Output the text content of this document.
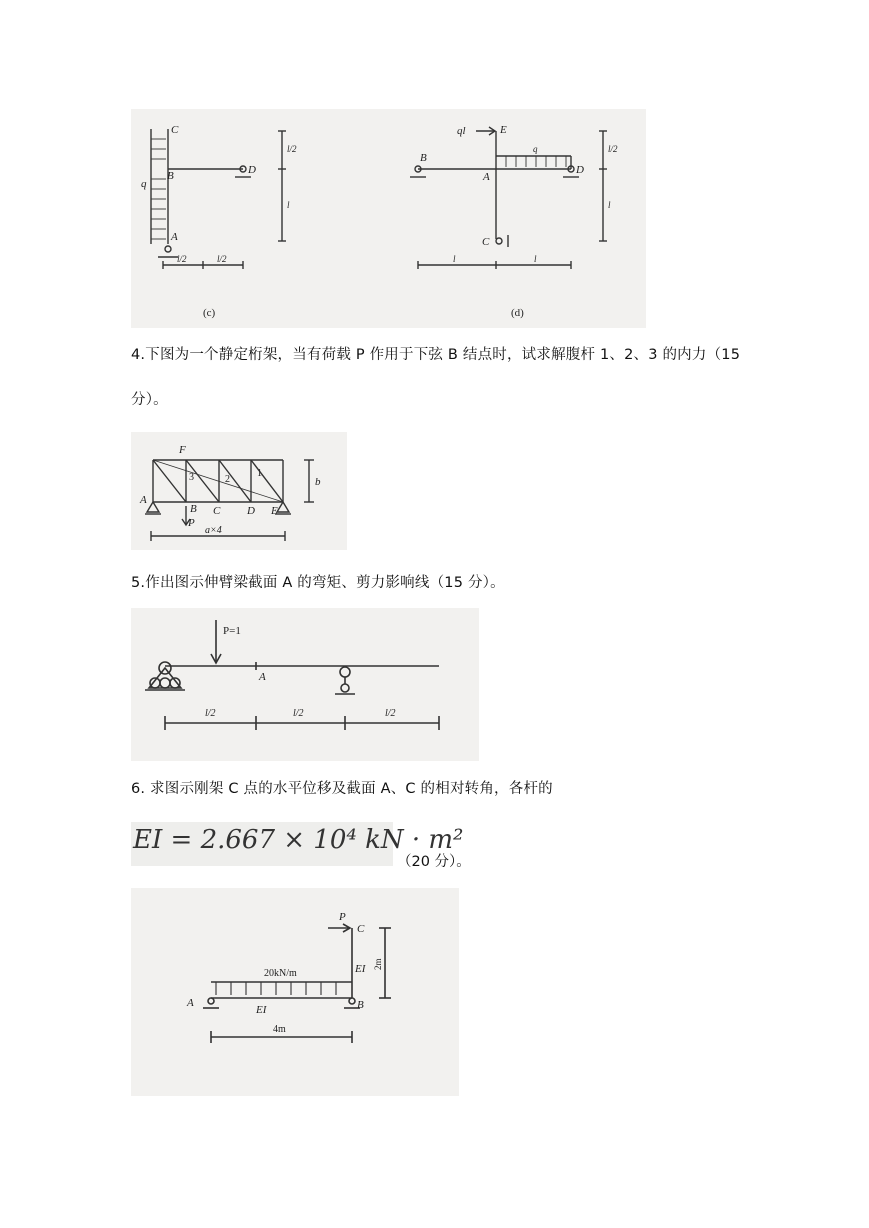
C
B	D
A
q
l/2
l
l/2	l/2
(c)
ql	E
B
A
q
D
C
l/2
l
l	l
(d)
4.下图为一个静定桁架，当有荷载 P 作用于下弦 B 结点时，试求解腹杆 1、2、3 的内力（15
分）。
F
A
B C D E
P
b
1
2
3
a×4
5.作出图示伸臂梁截面 A 的弯矩、剪力影响线（15 分）。
P=1
A
l/2	l/2	l/2
6. 求图示刚架 C 点的水平位移及截面 A、C 的相对转角，各杆的
EI = 2.667 × 10⁴ kN · m²
（20 分）。
P
C
A	B
EI
EI
20kN/m
2m
4m
